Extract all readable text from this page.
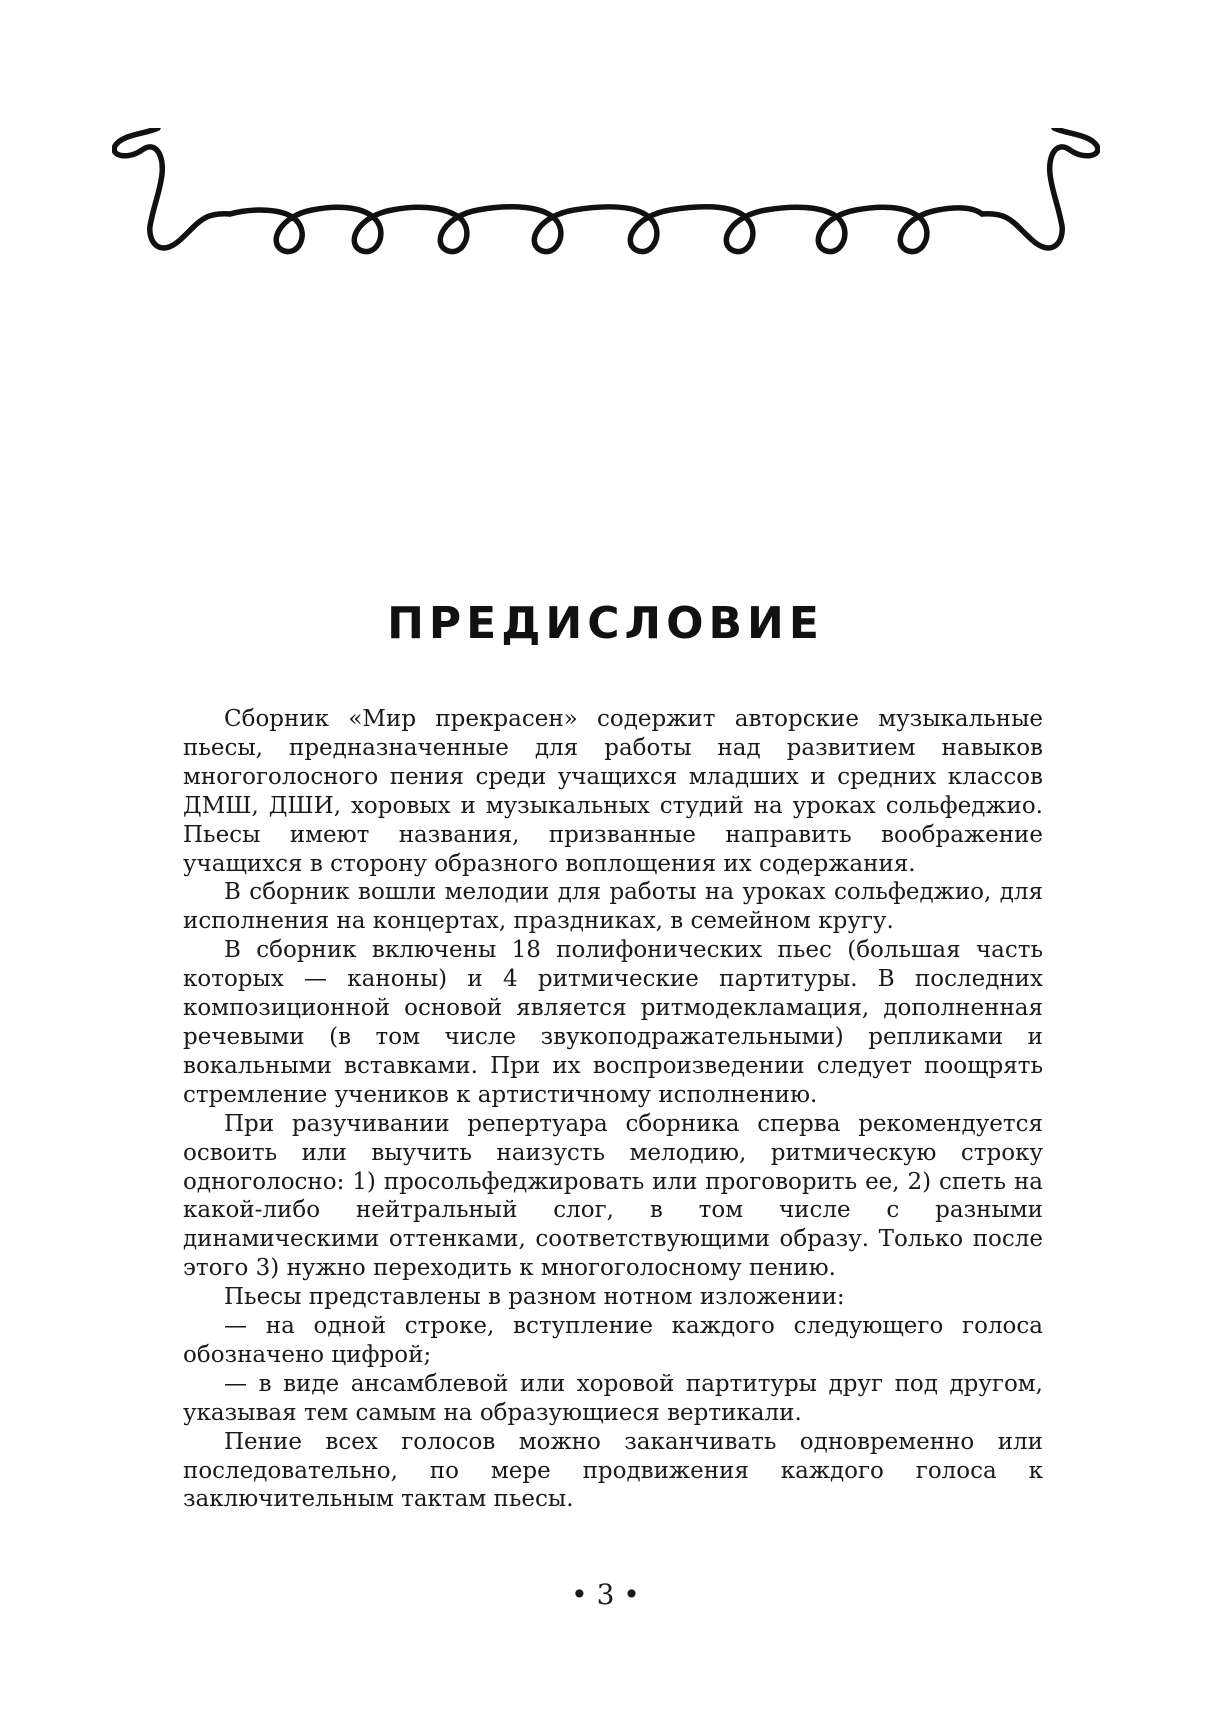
ПРЕДИСЛОВИЕ

Сборник «Мир прекрасен» содержит авторские музыкальные пьесы, предназначенные для работы над развитием навыков многоголосного пения среди учащихся младших и средних классов ДМШ, ДШИ, хоровых и музыкальных студий на уроках сольфеджио. Пьесы имеют названия, призванные направить воображение учащихся в сторону образного воплощения их содержания.

В сборник вошли мелодии для работы на уроках сольфеджио, для исполнения на концертах, праздниках, в семейном кругу.

В сборник включены 18 полифонических пьес (большая часть которых — каноны) и 4 ритмические партитуры. В последних композиционной основой является ритмодекламация, дополненная речевыми (в том числе звукоподражательными) репликами и вокальными вставками. При их воспроизведении следует поощрять стремление учеников к артистичному исполнению.

При разучивании репертуара сборника сперва рекомендуется освоить или выучить наизусть мелодию, ритмическую строку одноголосно: 1) просольфеджировать или проговорить ее, 2) спеть на какой-либо нейтральный слог, в том числе с разными динамическими оттенками, соответствующими образу. Только после этого 3) нужно переходить к многоголосному пению.

Пьесы представлены в разном нотном изложении:

— на одной строке, вступление каждого следующего голоса обозначено цифрой;

— в виде ансамблевой или хоровой партитуры друг под другом, указывая тем самым на образующиеся вертикали.

Пение всех голосов можно заканчивать одновременно или последовательно, по мере продвижения каждого голоса к заключительным тактам пьесы.

• 3 •
